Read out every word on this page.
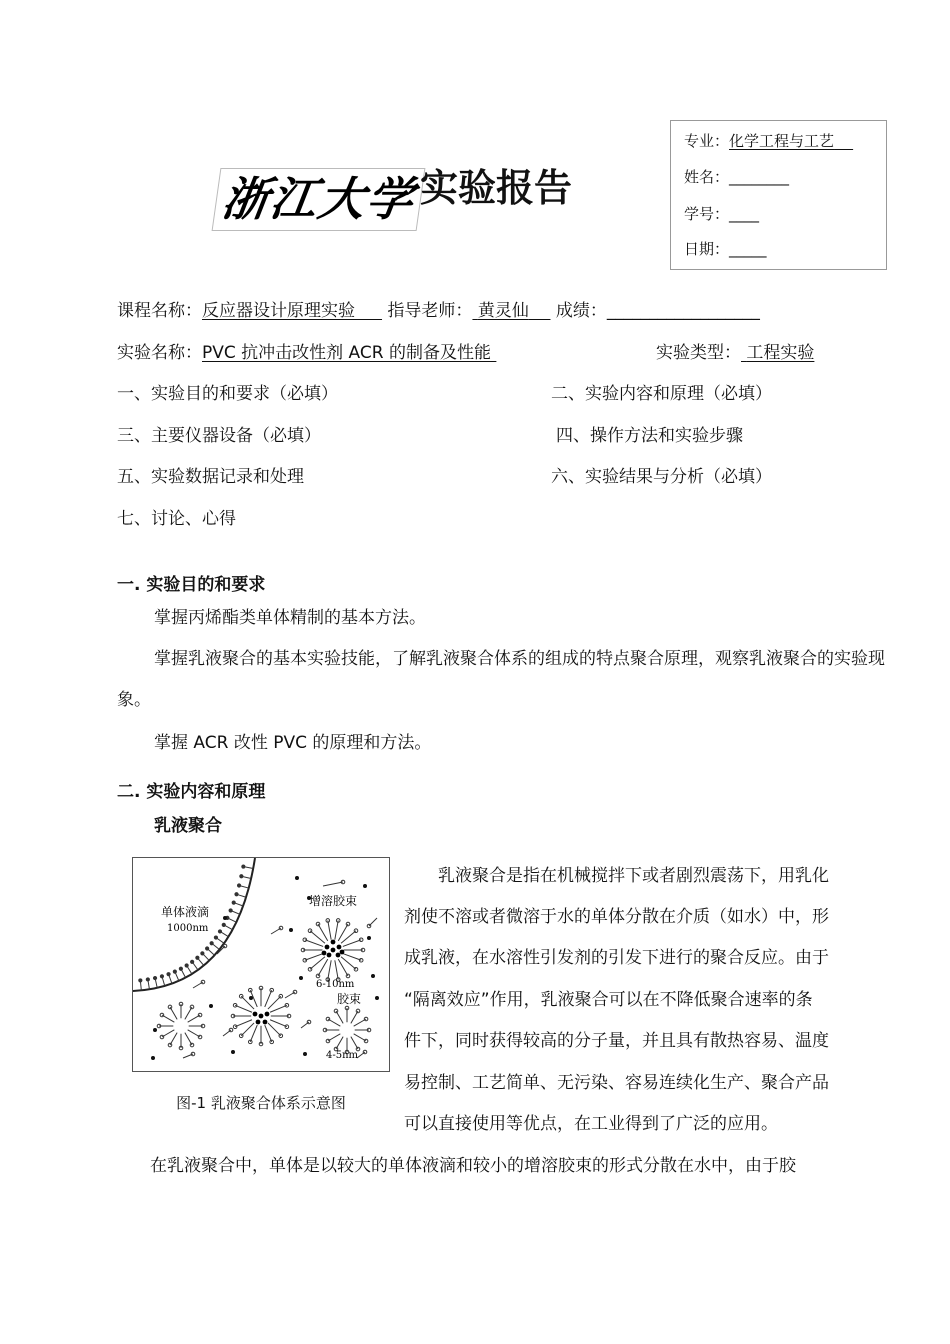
浙江大学 实验报告
专业：化学工程与工艺
姓名：________
学号：____
日期：_____
课程名称：反应器设计原理实验 指导老师： 黄灵仙 成绩：__________________
实验名称：PVC 抗冲击改性剂 ACR 的制备及性能	实验类型： 工程实验
一、实验目的和要求（必填）	二、实验内容和原理（必填）
三、主要仪器设备（必填）	四、操作方法和实验步骤
五、实验数据记录和处理	六、实验结果与分析（必填）
七、讨论、心得
一. 实验目的和要求
掌握丙烯酯类单体精制的基本方法。
掌握乳液聚合的基本实验技能，了解乳液聚合体系的组成的特点聚合原理，观察乳液聚合的实验现象。
掌握 ACR 改性 PVC 的原理和方法。
二. 实验内容和原理
乳液聚合
单体液滴
1000nm
增溶胶束
6-10nm
胶束
4-5nm
图-1 乳液聚合体系示意图
乳液聚合是指在机械搅拌下或者剧烈震荡下，用乳化
剂使不溶或者微溶于水的单体分散在介质（如水）中，形
成乳液，在水溶性引发剂的引发下进行的聚合反应。由于
“隔离效应”作用，乳液聚合可以在不降低聚合速率的条
件下，同时获得较高的分子量，并且具有散热容易、温度
易控制、工艺简单、无污染、容易连续化生产、聚合产品
可以直接使用等优点，在工业得到了广泛的应用。
在乳液聚合中，单体是以较大的单体液滴和较小的增溶胶束的形式分散在水中，由于胶
